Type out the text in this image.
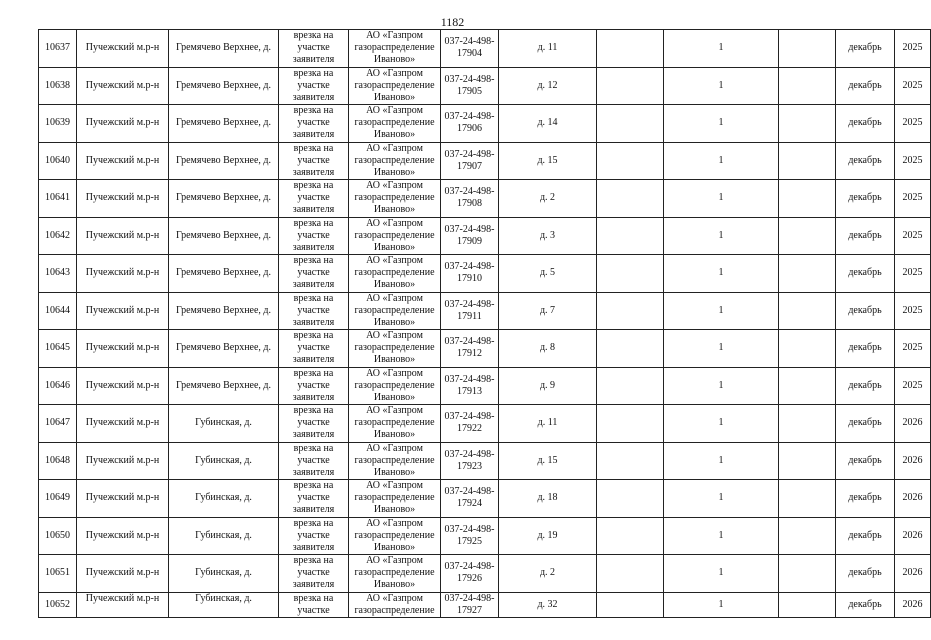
1182
10637	Пучежский м.р-н	Гремячево Верхнее, д.	врезка на участке заявителя	АО «Газпром газораспределение Иваново»	037-24-498-17904	д. 11		1		декабрь	2025
10638	Пучежский м.р-н	Гремячево Верхнее, д.	врезка на участке заявителя	АО «Газпром газораспределение Иваново»	037-24-498-17905	д. 12		1		декабрь	2025
10639	Пучежский м.р-н	Гремячево Верхнее, д.	врезка на участке заявителя	АО «Газпром газораспределение Иваново»	037-24-498-17906	д. 14		1		декабрь	2025
10640	Пучежский м.р-н	Гремячево Верхнее, д.	врезка на участке заявителя	АО «Газпром газораспределение Иваново»	037-24-498-17907	д. 15		1		декабрь	2025
10641	Пучежский м.р-н	Гремячево Верхнее, д.	врезка на участке заявителя	АО «Газпром газораспределение Иваново»	037-24-498-17908	д. 2		1		декабрь	2025
10642	Пучежский м.р-н	Гремячево Верхнее, д.	врезка на участке заявителя	АО «Газпром газораспределение Иваново»	037-24-498-17909	д. 3		1		декабрь	2025
10643	Пучежский м.р-н	Гремячево Верхнее, д.	врезка на участке заявителя	АО «Газпром газораспределение Иваново»	037-24-498-17910	д. 5		1		декабрь	2025
10644	Пучежский м.р-н	Гремячево Верхнее, д.	врезка на участке заявителя	АО «Газпром газораспределение Иваново»	037-24-498-17911	д. 7		1		декабрь	2025
10645	Пучежский м.р-н	Гремячево Верхнее, д.	врезка на участке заявителя	АО «Газпром газораспределение Иваново»	037-24-498-17912	д. 8		1		декабрь	2025
10646	Пучежский м.р-н	Гремячево Верхнее, д.	врезка на участке заявителя	АО «Газпром газораспределение Иваново»	037-24-498-17913	д. 9		1		декабрь	2025
10647	Пучежский м.р-н	Губинская, д.	врезка на участке заявителя	АО «Газпром газораспределение Иваново»	037-24-498-17922	д. 11		1		декабрь	2026
10648	Пучежский м.р-н	Губинская, д.	врезка на участке заявителя	АО «Газпром газораспределение Иваново»	037-24-498-17923	д. 15		1		декабрь	2026
10649	Пучежский м.р-н	Губинская, д.	врезка на участке заявителя	АО «Газпром газораспределение Иваново»	037-24-498-17924	д. 18		1		декабрь	2026
10650	Пучежский м.р-н	Губинская, д.	врезка на участке заявителя	АО «Газпром газораспределение Иваново»	037-24-498-17925	д. 19		1		декабрь	2026
10651	Пучежский м.р-н	Губинская, д.	врезка на участке заявителя	АО «Газпром газораспределение Иваново»	037-24-498-17926	д. 2		1		декабрь	2026
10652	Пучежский м.р-н	Губинская, д.	врезка на участке	АО «Газпром газораспределение	037-24-498-17927	д. 32		1		декабрь	2026
